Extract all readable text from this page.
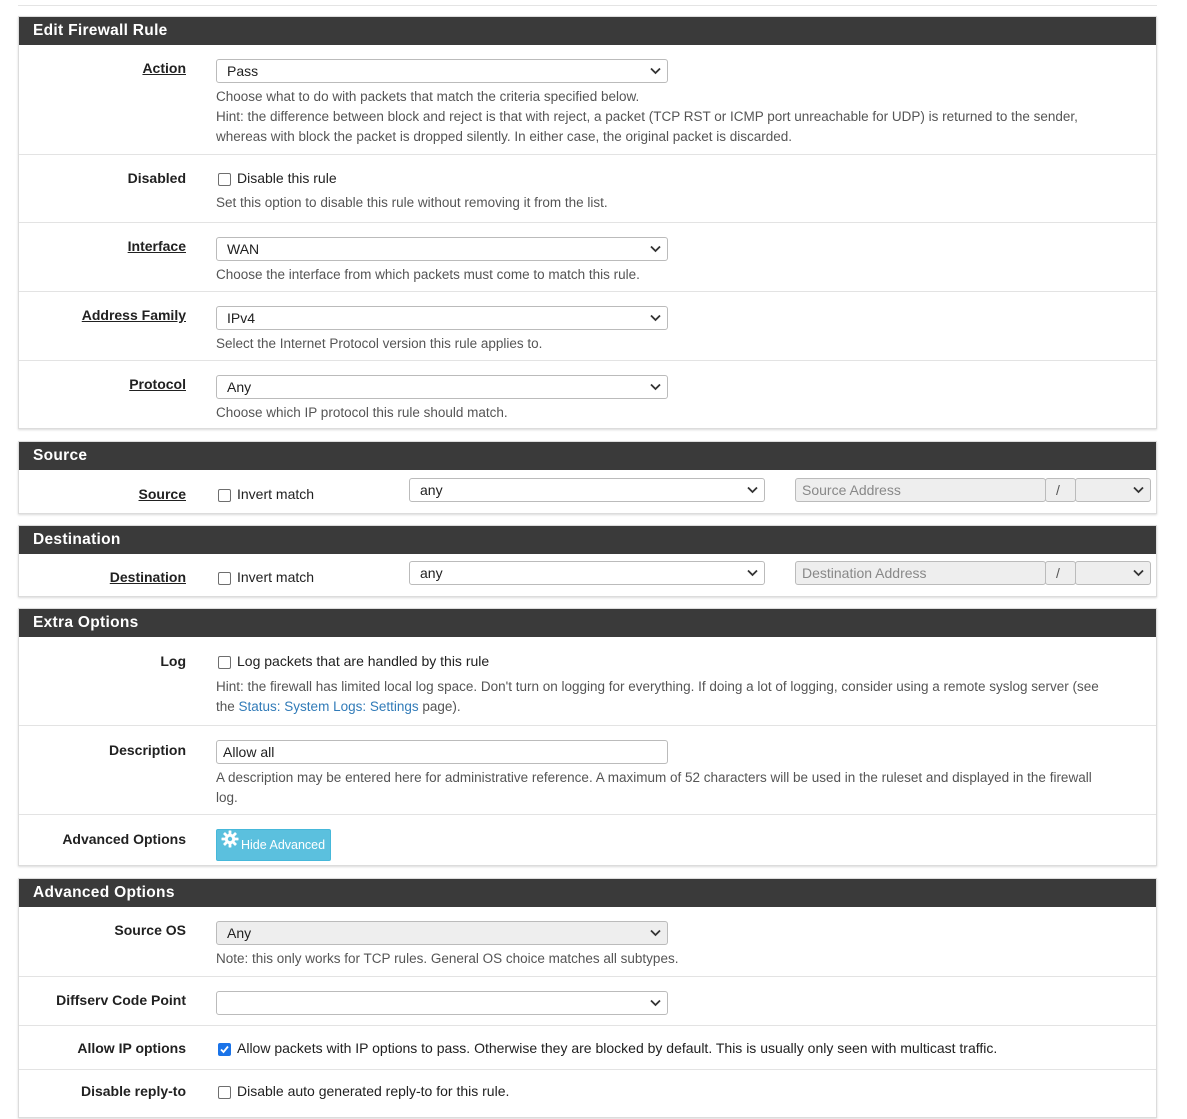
Edit Firewall Rule
Action	Pass
Choose what to do with packets that match the criteria specified below.
Hint: the difference between block and reject is that with reject, a packet (TCP RST or ICMP port unreachable for UDP) is returned to the sender,
whereas with block the packet is dropped silently. In either case, the original packet is discarded.
Disabled	Disable this rule
Set this option to disable this rule without removing it from the list.
Interface	WAN
Choose the interface from which packets must come to match this rule.
Address Family	IPv4
Select the Internet Protocol version this rule applies to.
Protocol	Any
Choose which IP protocol this rule should match.
Source
Source	Invert match	any	Source Address	/
Destination
Destination	Invert match	any	Destination Address	/
Extra Options
Log	Log packets that are handled by this rule
Hint: the firewall has limited local log space. Don't turn on logging for everything. If doing a lot of logging, consider using a remote syslog server (see
the Status: System Logs: Settings page).
Description	Allow all
A description may be entered here for administrative reference. A maximum of 52 characters will be used in the ruleset and displayed in the firewall
log.
Advanced Options	Hide Advanced
Advanced Options
Source OS	Any
Note: this only works for TCP rules. General OS choice matches all subtypes.
Diffserv Code Point
Allow IP options	Allow packets with IP options to pass. Otherwise they are blocked by default. This is usually only seen with multicast traffic.
Disable reply-to	Disable auto generated reply-to for this rule.
